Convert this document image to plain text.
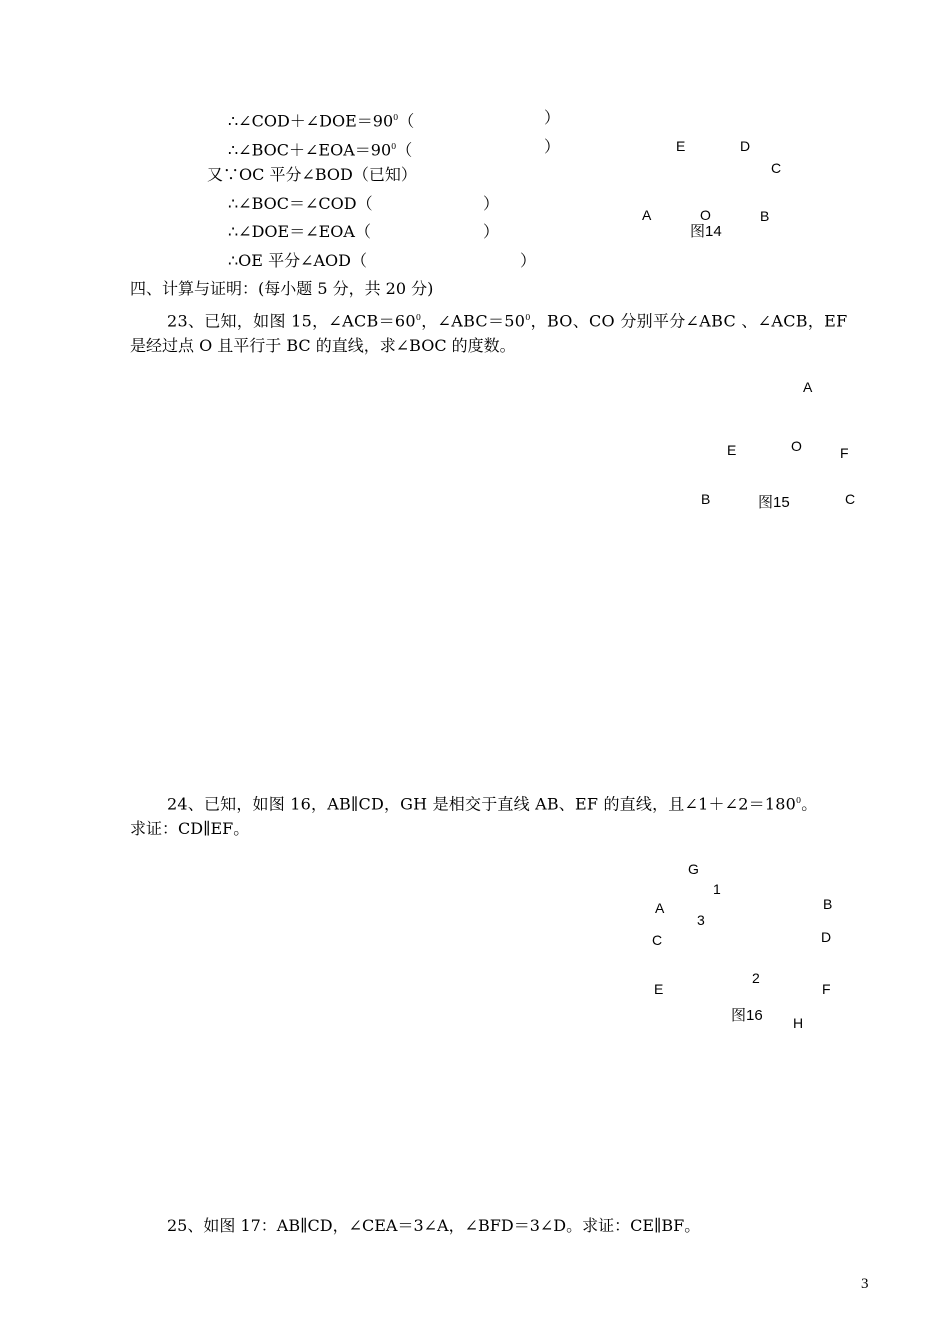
$\therefore\angle COD+\angle DOE=90^0$（	）
$\therefore\angle BOC+\angle EOA=90^0$（	）
又∵OC 平分∠BOD（已知）
∴∠BOC＝∠COD（	）
∴∠DOE＝∠EOA（	）
∴OE 平分∠AOD（	）
E	D
C
A	O	B
图14
四、计算与证明：(每小题 5 分，共 20 分)
23、已知，如图 15，$\angle ACB=60^0$，$\angle ABC=50^0$，BO、CO 分别平分∠ABC 、∠ACB，EF
是经过点 O 且平行于 BC 的直线，求∠BOC 的度数。
A
E	O	F
B	C
图15
24、已知，如图 16，AB∥CD，GH 是相交于直线 AB、EF 的直线，且$\angle 1+\angle 2=180^0$。
求证：CD∥EF。
G
1
A
3
B
C	D
2
E	F
H
图16
25、如图 17：AB∥CD，∠CEA＝3∠A，∠BFD＝3∠D。求证：CE∥BF。
3
